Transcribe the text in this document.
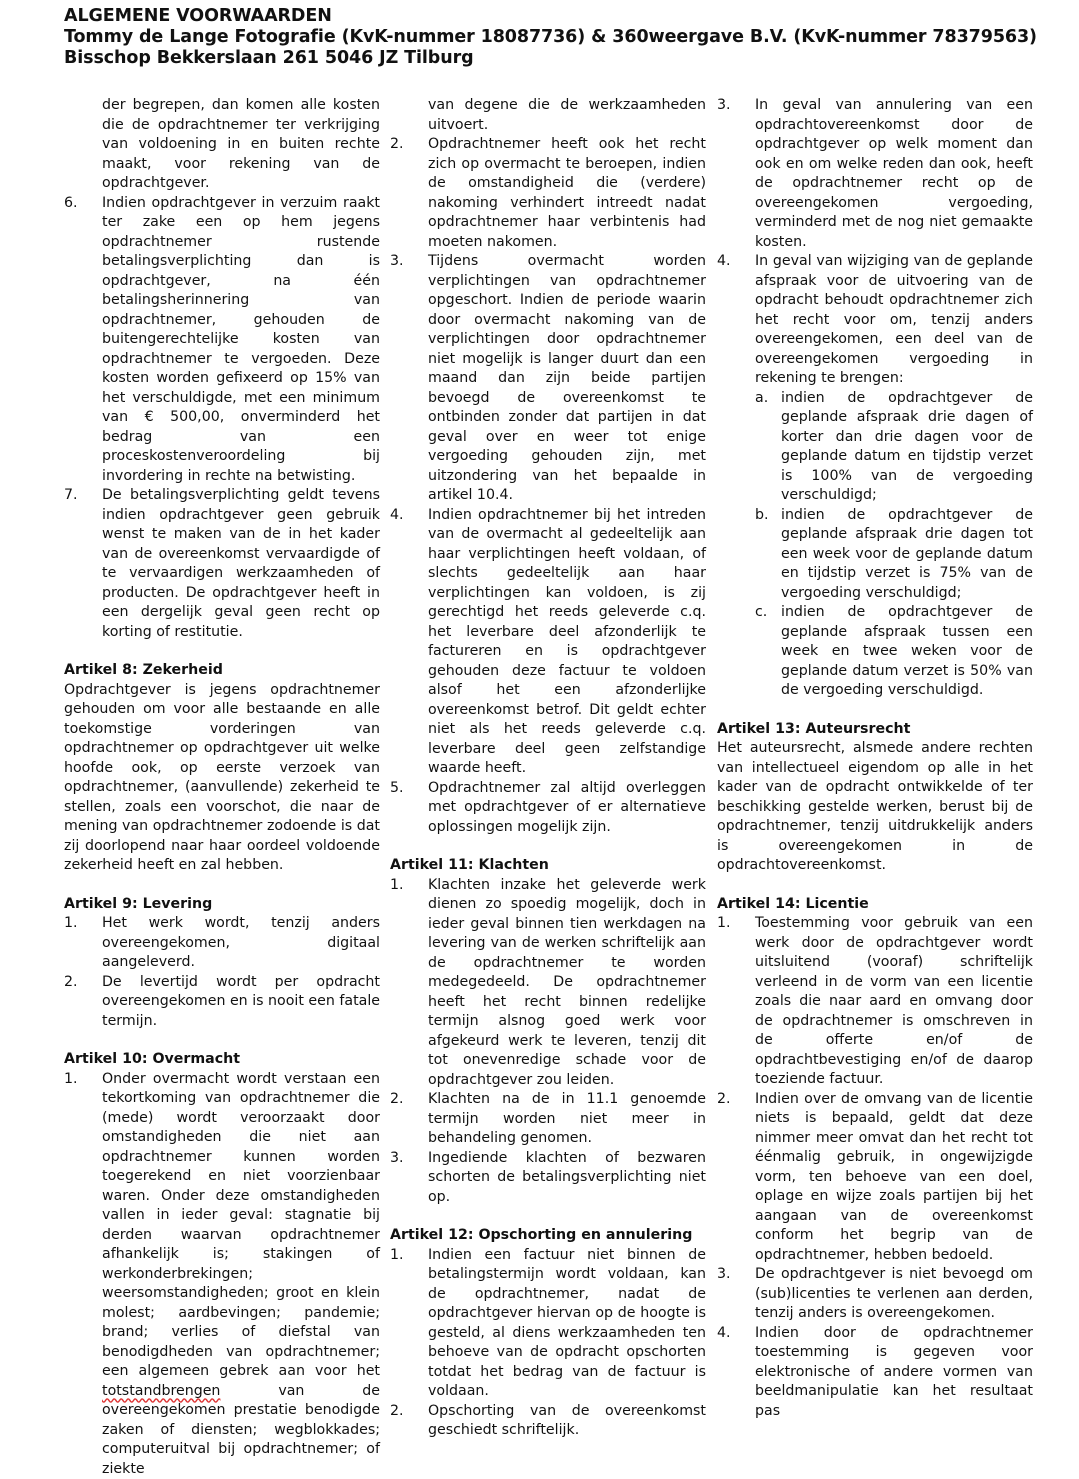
ALGEMENE VOORWAARDEN
Tommy de Lange Fotografie (KvK-nummer 18087736) & 360weergave B.V. (KvK-nummer 78379563)
Bisschop Bekkerslaan 261 5046 JZ Tilburg
der begrepen, dan komen alle kosten die de opdrachtnemer ter verkrijging van voldoening in en buiten rechte maakt, voor rekening van de opdrachtgever.
6.	Indien opdrachtgever in verzuim raakt ter zake een op hem jegens opdrachtnemer rustende betalingsverplichting dan is opdrachtgever, na één betalingsherinnering van opdrachtnemer, gehouden de buitengerechtelijke kosten van opdrachtnemer te vergoeden. Deze kosten worden gefixeerd op 15% van het verschuldigde, met een minimum van € 500,00, onverminderd het bedrag van een proceskostenveroordeling bij invordering in rechte na betwisting.
7.	De betalingsverplichting geldt tevens indien opdrachtgever geen gebruik wenst te maken van de in het kader van de overeenkomst vervaardigde of te vervaardigen werkzaamheden of producten. De opdrachtgever heeft in een dergelijk geval geen recht op korting of restitutie.
Artikel 8: Zekerheid
Opdrachtgever is jegens opdrachtnemer gehouden om voor alle bestaande en alle toekomstige vorderingen van opdrachtnemer op opdrachtgever uit welke hoofde ook, op eerste verzoek van opdrachtnemer, (aanvullende) zekerheid te stellen, zoals een voorschot, die naar de mening van opdrachtnemer zodoende is dat zij doorlopend naar haar oordeel voldoende zekerheid heeft en zal hebben.
Artikel 9: Levering
1.	Het werk wordt, tenzij anders overeengekomen, digitaal aangeleverd.
2.	De levertijd wordt per opdracht overeengekomen en is nooit een fatale termijn.
Artikel 10: Overmacht
1.	Onder overmacht wordt verstaan een tekortkoming van opdrachtnemer die (mede) wordt veroorzaakt door omstandigheden die niet aan opdrachtnemer kunnen worden toegerekend en niet voorzienbaar waren. Onder deze omstandigheden vallen in ieder geval: stagnatie bij derden waarvan opdrachtnemer afhankelijk is; stakingen of werkonderbrekingen; weersomstandigheden; groot en klein molest; aardbevingen; pandemie; brand; verlies of diefstal van benodigdheden van opdrachtnemer; een algemeen gebrek aan voor het totstandbrengen	van de overeengekomen prestatie benodigde zaken of diensten; wegblokkades; computeruitval bij opdrachtnemer; of ziekte
van degene die de werkzaamheden uitvoert.
2.	Opdrachtnemer heeft ook het recht zich op overmacht te beroepen, indien de omstandigheid die (verdere) nakoming verhindert intreedt nadat opdrachtnemer haar verbintenis had moeten nakomen.
3.	Tijdens overmacht worden verplichtingen van opdrachtnemer opgeschort. Indien de periode waarin door overmacht nakoming van de verplichtingen door opdrachtnemer niet mogelijk is langer duurt dan een maand dan zijn beide partijen bevoegd de overeenkomst te ontbinden zonder dat partijen in dat geval over en weer tot enige vergoeding gehouden zijn, met uitzondering van het bepaalde in artikel 10.4.
4.	Indien opdrachtnemer bij het intreden van de overmacht al gedeeltelijk aan haar verplichtingen heeft voldaan, of slechts gedeeltelijk aan haar verplichtingen kan voldoen, is zij gerechtigd het reeds geleverde c.q. het leverbare deel afzonderlijk te factureren en is opdrachtgever gehouden deze factuur te voldoen alsof het een afzonderlijke overeenkomst betrof. Dit geldt echter niet als het reeds geleverde c.q. leverbare deel geen zelfstandige waarde heeft.
5.	Opdrachtnemer zal altijd overleggen met opdrachtgever of er alternatieve oplossingen mogelijk zijn.
Artikel 11: Klachten
1.	Klachten inzake het geleverde werk dienen zo spoedig mogelijk, doch in ieder geval binnen tien werkdagen na levering van de werken schriftelijk aan de opdrachtnemer te worden medegedeeld. De opdrachtnemer heeft het recht binnen redelijke termijn alsnog goed werk voor afgekeurd werk te leveren, tenzij dit tot onevenredige schade voor de opdrachtgever zou leiden.
2.	Klachten na de in 11.1 genoemde termijn worden niet meer in behandeling genomen.
3.	Ingediende klachten of bezwaren schorten de betalingsverplichting niet op.
Artikel 12: Opschorting en annulering
1.	Indien een factuur niet binnen de betalingstermijn wordt voldaan, kan de opdrachtnemer, nadat de opdrachtgever hiervan op de hoogte is gesteld, al diens werkzaamheden ten behoeve van de opdracht opschorten totdat het bedrag van de factuur is voldaan.
2.	Opschorting van de overeenkomst geschiedt schriftelijk.
3.	In geval van annulering van een opdrachtovereenkomst door de opdrachtgever op welk moment dan ook en om welke reden dan ook, heeft de opdrachtnemer recht op de overeengekomen vergoeding, verminderd met de nog niet gemaakte kosten.
4.	In geval van wijziging van de geplande afspraak voor de uitvoering van de opdracht behoudt opdrachtnemer zich het recht voor om, tenzij anders overeengekomen, een deel van de overeengekomen vergoeding in rekening te brengen:
a. indien de opdrachtgever de geplande afspraak drie dagen of korter dan drie dagen voor de geplande datum en tijdstip verzet is 100% van de vergoeding verschuldigd;
b. indien de opdrachtgever de geplande afspraak drie dagen tot een week voor de geplande datum en tijdstip verzet is 75% van de vergoeding verschuldigd;
c. indien de opdrachtgever de geplande afspraak tussen een week en twee weken voor de geplande datum verzet is 50% van de vergoeding verschuldigd.
Artikel 13: Auteursrecht
Het auteursrecht, alsmede andere rechten van intellectueel eigendom op alle in het kader van de opdracht ontwikkelde of ter beschikking gestelde werken, berust bij de opdrachtnemer, tenzij uitdrukkelijk anders is overeengekomen in de opdrachtovereenkomst.
Artikel 14: Licentie
1.	Toestemming voor gebruik van een werk door de opdrachtgever wordt uitsluitend (vooraf) schriftelijk verleend in de vorm van een licentie zoals die naar aard en omvang door de opdrachtnemer is omschreven in de offerte en/of de opdrachtbevestiging en/of de daarop toeziende factuur.
2.	Indien over de omvang van de licentie niets is bepaald, geldt dat deze nimmer meer omvat dan het recht tot éénmalig gebruik, in ongewijzigde vorm, ten behoeve van een doel, oplage en wijze zoals partijen bij het aangaan van de overeenkomst conform het begrip van de opdrachtnemer, hebben bedoeld.
3.	De opdrachtgever is niet bevoegd om (sub)licenties te verlenen aan derden, tenzij anders is overeengekomen.
4.	Indien door de opdrachtnemer toestemming is gegeven voor elektronische of andere vormen van beeldmanipulatie kan het resultaat pas
